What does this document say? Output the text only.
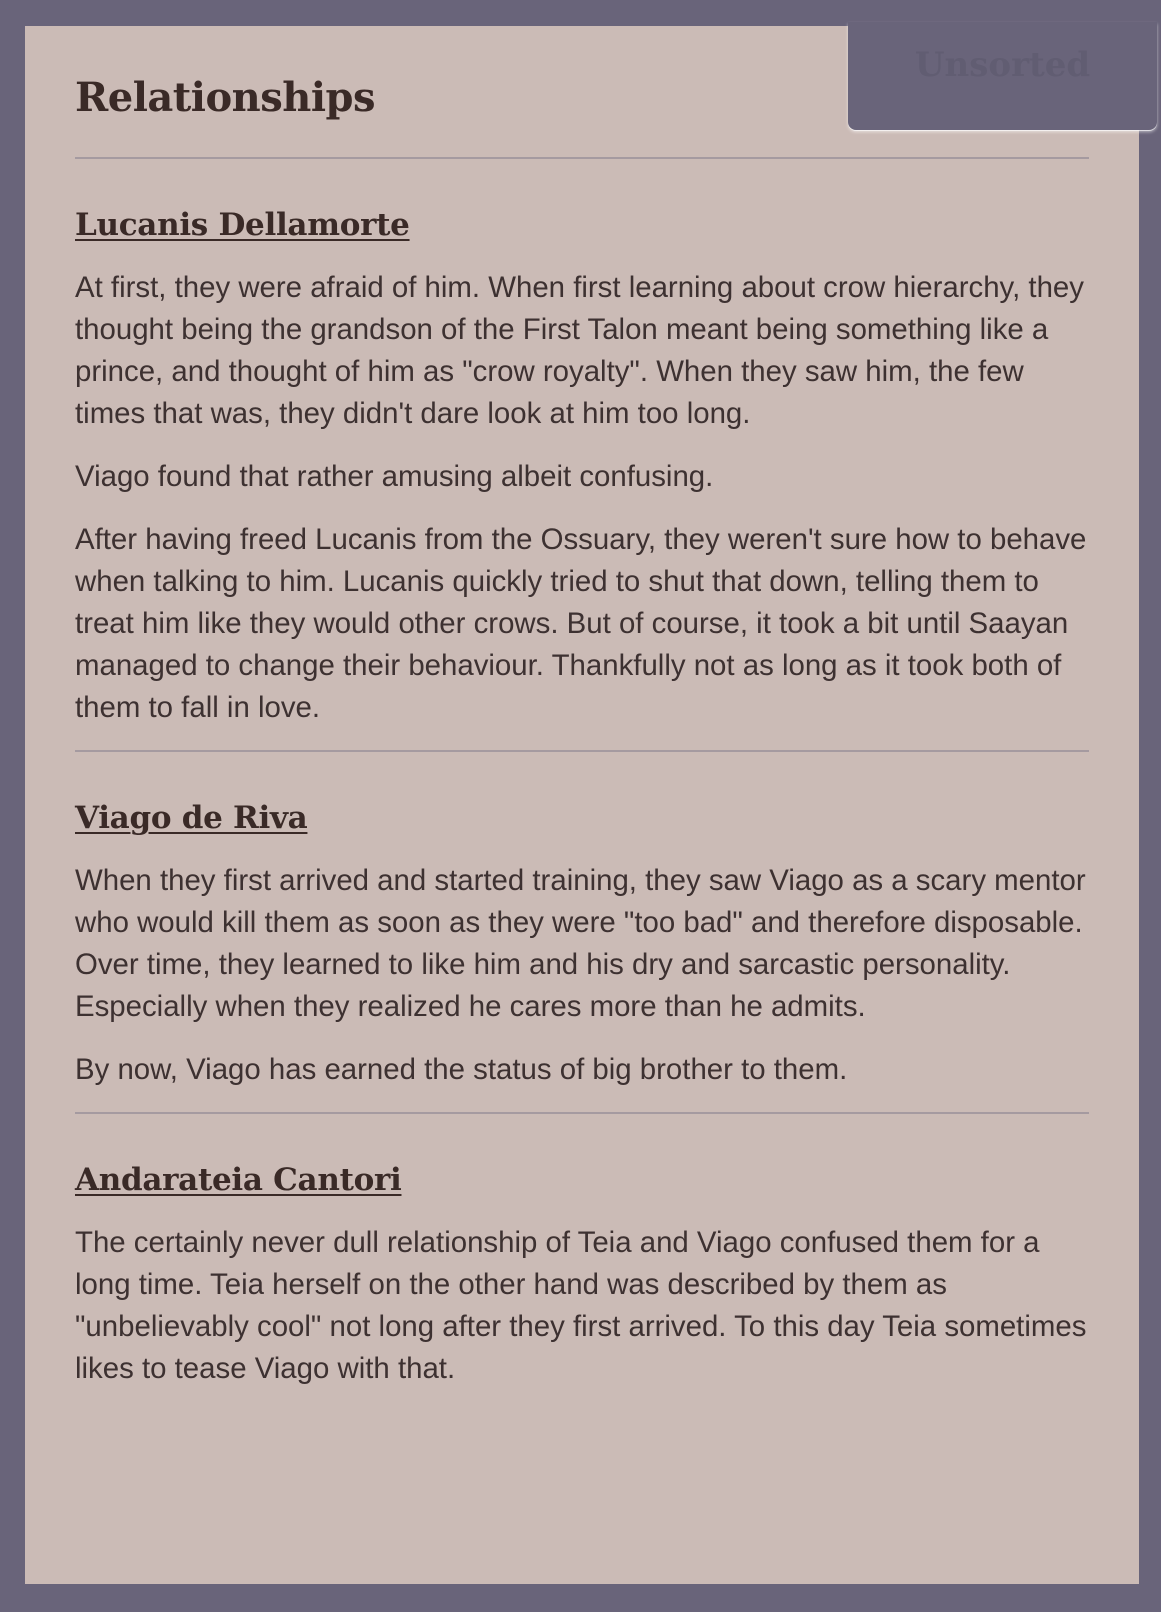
Unsorted
Relationships
Lucanis Dellamorte

At first, they were afraid of him. When first learning about crow hierarchy, they thought being the grandson of the First Talon meant being something like a prince, and thought of him as "crow royalty". When they saw him, the few times that was, they didn't dare look at him too long.

Viago found that rather amusing albeit confusing.

After having freed Lucanis from the Ossuary, they weren't sure how to behave when talking to him. Lucanis quickly tried to shut that down, telling them to treat him like they would other crows. But of course, it took a bit until Saayan managed to change their behaviour. Thankfully not as long as it took both of them to fall in love.

Viago de Riva

When they first arrived and started training, they saw Viago as a scary mentor who would kill them as soon as they were "too bad" and therefore disposable. Over time, they learned to like him and his dry and sarcastic personality. Especially when they realized he cares more than he admits.

By now, Viago has earned the status of big brother to them.

Andarateia Cantori

The certainly never dull relationship of Teia and Viago confused them for a long time. Teia herself on the other hand was described by them as "unbelievably cool" not long after they first arrived. To this day Teia sometimes likes to tease Viago with that.
